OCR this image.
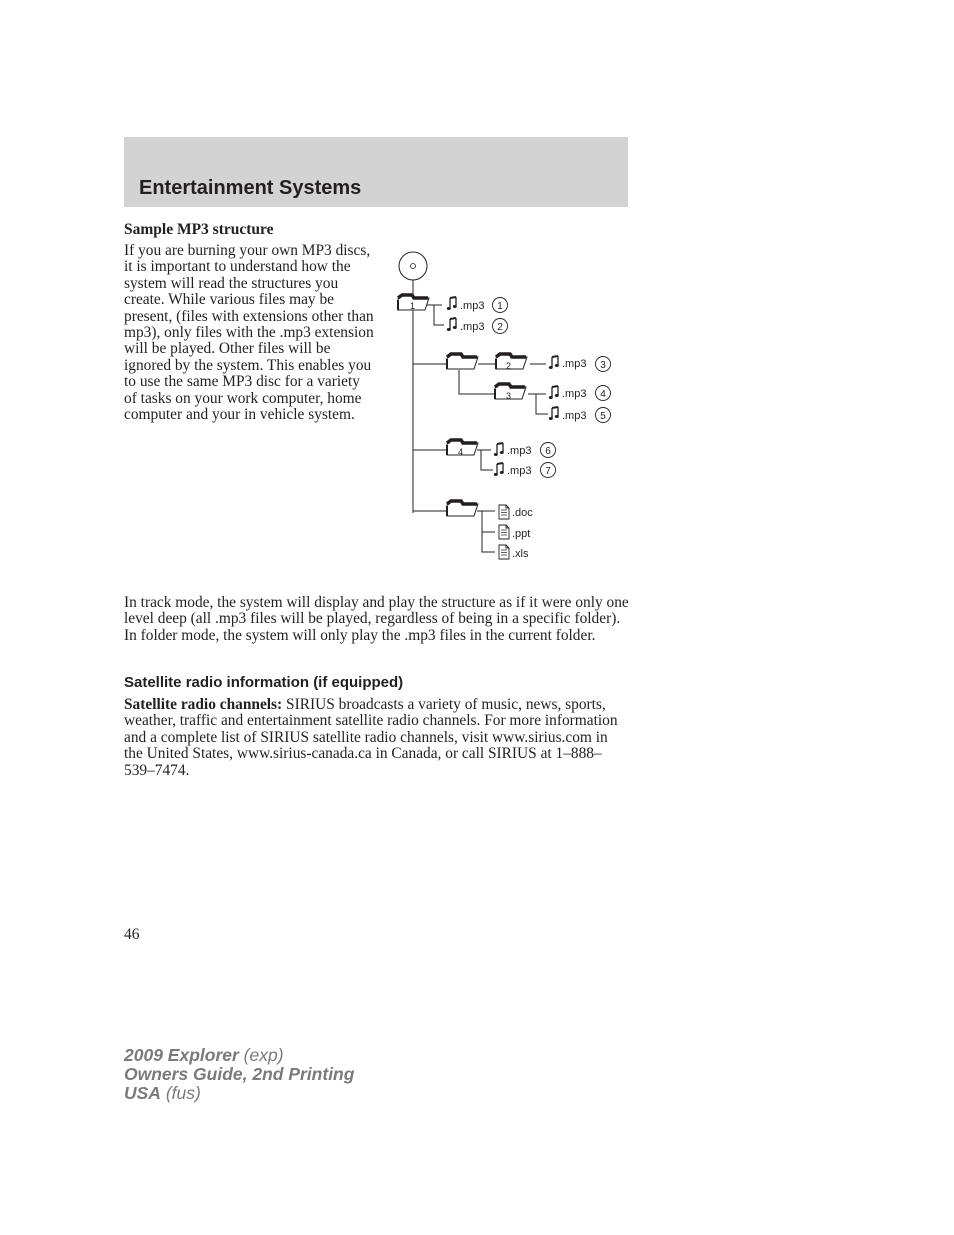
Entertainment Systems
Sample MP3 structure
If you are burning your own MP3 discs, it is important to understand how the system will read the structures you create. While various files may be present, (files with extensions other than mp3), only files with the .mp3 extension will be played. Other files will be ignored by the system. This enables you to use the same MP3 disc for a variety of tasks on your work computer, home computer and your in vehicle system.
1
2
3
4
.mp3 1
.mp3 2
.mp3 3
.mp3 4
.mp3 5
.mp3 6
.mp3 7
.doc
.ppt
.xls
In track mode, the system will display and play the structure as if it were only one level deep (all .mp3 files will be played, regardless of being in a specific folder). In folder mode, the system will only play the .mp3 files in the current folder.
Satellite radio information (if equipped)
Satellite radio channels: SIRIUS broadcasts a variety of music, news, sports, weather, traffic and entertainment satellite radio channels. For more information and a complete list of SIRIUS satellite radio channels, visit www.sirius.com in the United States, www.sirius-canada.ca in Canada, or call SIRIUS at 1–888–539–7474.
46
2009 Explorer (exp)
Owners Guide, 2nd Printing
USA (fus)
